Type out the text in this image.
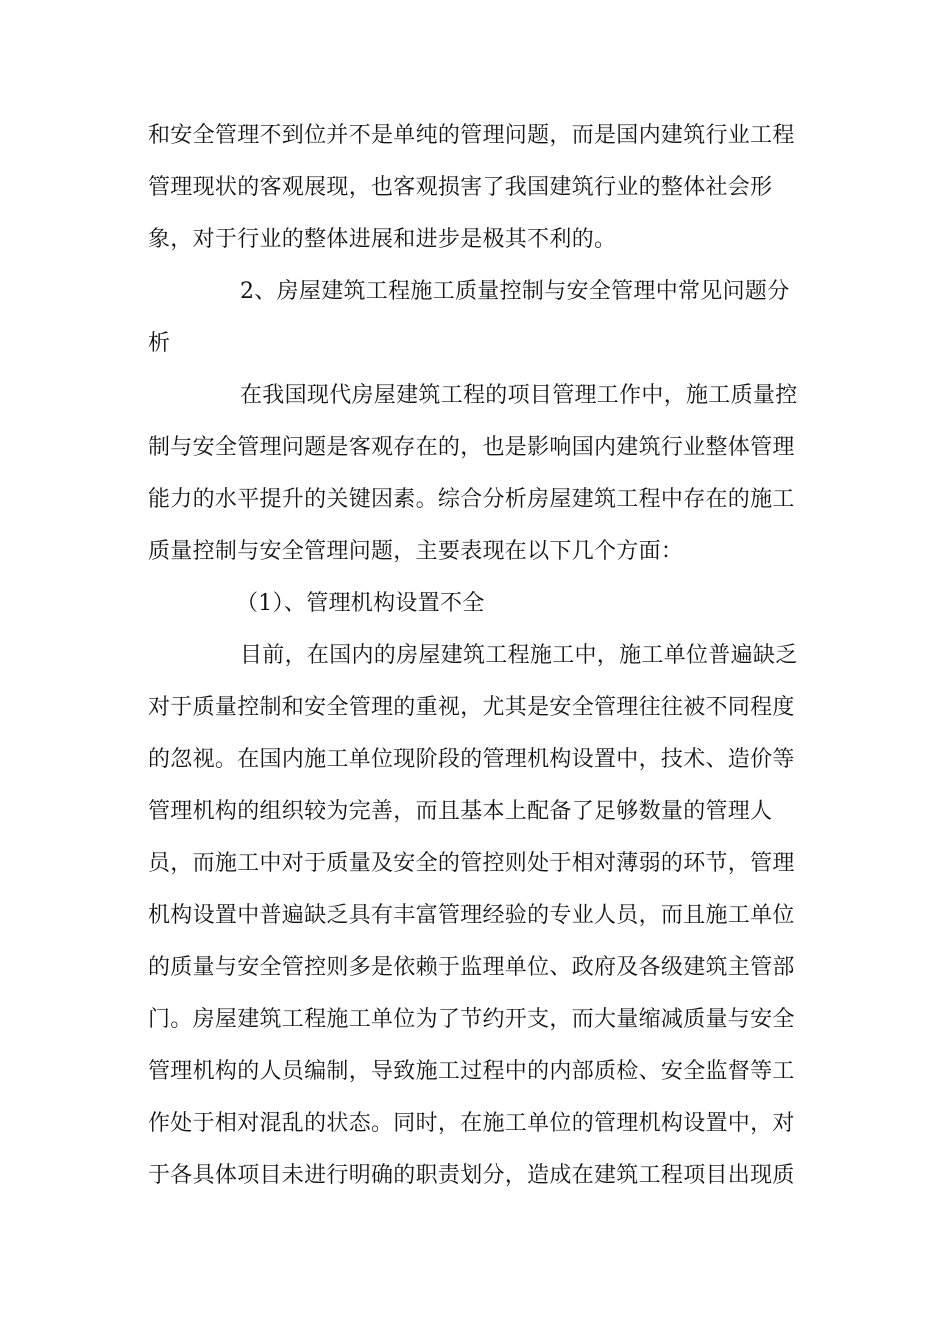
和安全管理不到位并不是单纯的管理问题，而是国内建筑行业工程
管理现状的客观展现，也客观损害了我国建筑行业的整体社会形
象，对于行业的整体进展和进步是极其不利的。
2、房屋建筑工程施工质量控制与安全管理中常见问题分
析
在我国现代房屋建筑工程的项目管理工作中，施工质量控
制与安全管理问题是客观存在的，也是影响国内建筑行业整体管理
能力的水平提升的关键因素。综合分析房屋建筑工程中存在的施工
质量控制与安全管理问题，主要表现在以下几个方面：
（1）、管理机构设置不全
目前，在国内的房屋建筑工程施工中，施工单位普遍缺乏
对于质量控制和安全管理的重视，尤其是安全管理往往被不同程度
的忽视。在国内施工单位现阶段的管理机构设置中，技术、造价等
管理机构的组织较为完善，而且基本上配备了足够数量的管理人
员，而施工中对于质量及安全的管控则处于相对薄弱的环节，管理
机构设置中普遍缺乏具有丰富管理经验的专业人员，而且施工单位
的质量与安全管控则多是依赖于监理单位、政府及各级建筑主管部
门。房屋建筑工程施工单位为了节约开支，而大量缩减质量与安全
管理机构的人员编制，导致施工过程中的内部质检、安全监督等工
作处于相对混乱的状态。同时，在施工单位的管理机构设置中，对
于各具体项目未进行明确的职责划分，造成在建筑工程项目出现质
